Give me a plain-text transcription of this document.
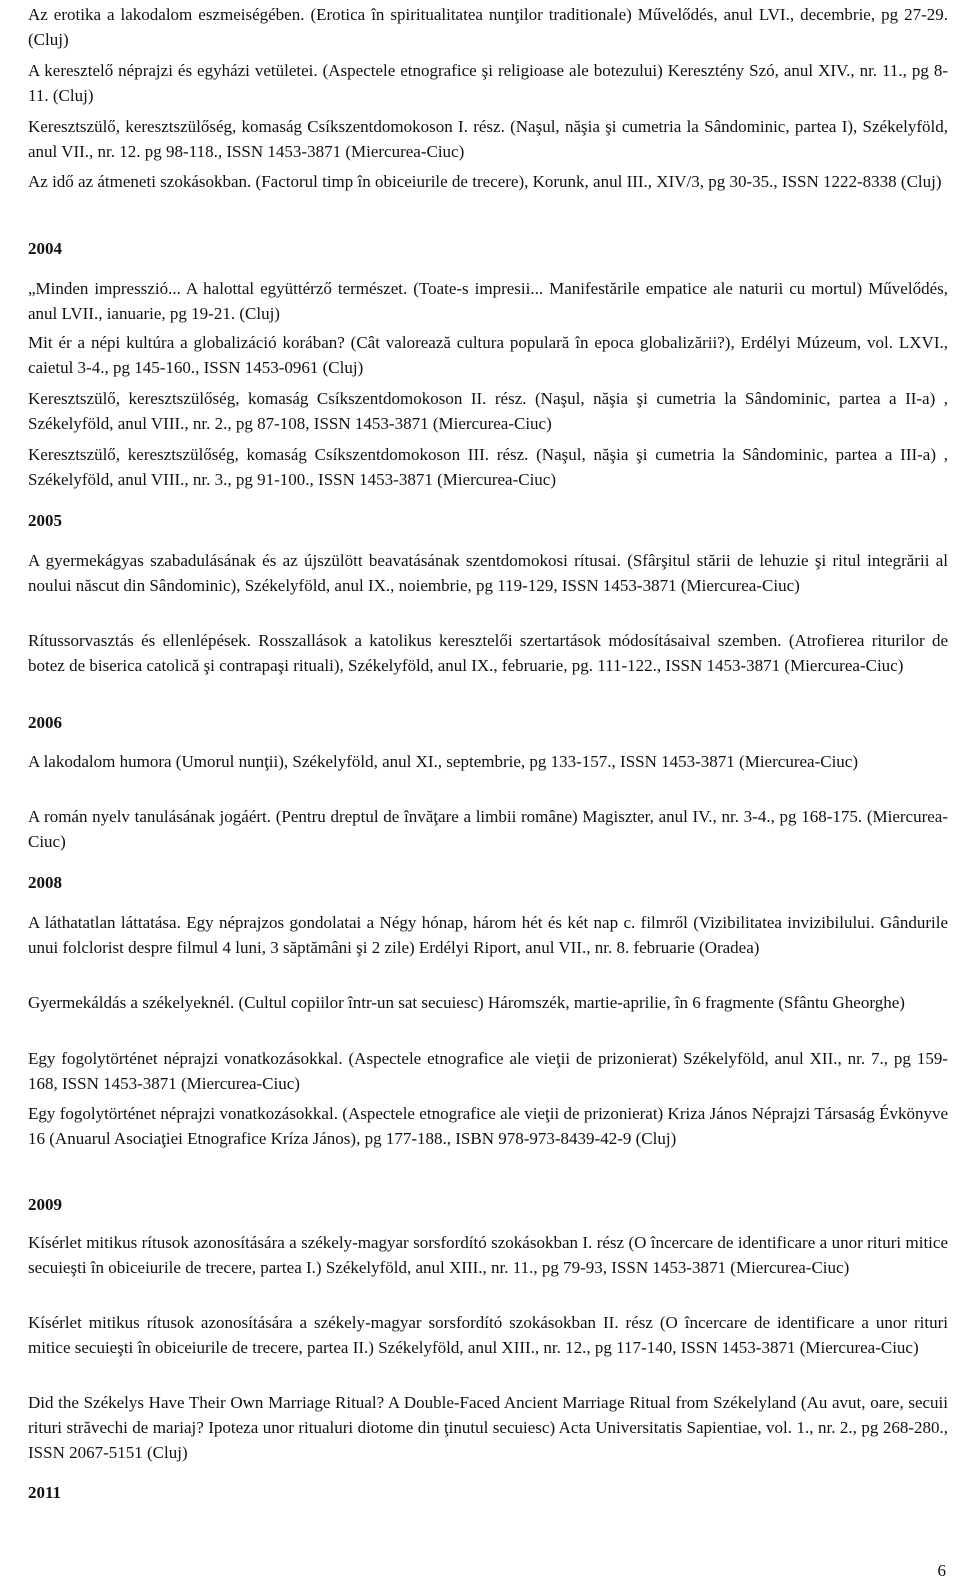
Az erotika a lakodalom eszmeiségében. (Erotica în spiritualitatea nunţilor traditionale) Művelődés, anul LVI., decembrie, pg 27-29. (Cluj)

A keresztelő néprajzi és egyházi vetületei. (Aspectele etnografice şi religioase ale botezului) Keresztény Szó, anul XIV., nr. 11., pg 8-11. (Cluj)

Keresztszülő, keresztszülőség, komaság Csíkszentdomokoson I. rész. (Naşul, năşia şi cumetria la Sândominic, partea I), Székelyföld, anul VII., nr. 12. pg 98-118., ISSN 1453-3871 (Miercurea-Ciuc)

Az idő az átmeneti szokásokban. (Factorul timp în obiceiurile de trecere), Korunk, anul III., XIV/3, pg 30-35., ISSN 1222-8338 (Cluj)

2004

„Minden impresszió... A halottal együttérző természet. (Toate-s impresii... Manifestările empatice ale naturii cu mortul) Művelődés, anul LVII., ianuarie, pg 19-21. (Cluj)

Mit ér a népi kultúra a globalizáció korában? (Cât valorează cultura populară în epoca globalizării?), Erdélyi Múzeum, vol. LXVI., caietul 3-4., pg 145-160., ISSN 1453-0961 (Cluj)

Keresztszülő, keresztszülőség, komaság Csíkszentdomokoson II. rész. (Naşul, năşia şi cumetria la Sândominic, partea a II-a) , Székelyföld, anul VIII., nr. 2., pg 87-108, ISSN 1453-3871 (Miercurea-Ciuc)

Keresztszülő, keresztszülőség, komaság Csíkszentdomokoson III. rész. (Naşul, năşia şi cumetria la Sândominic, partea a III-a) , Székelyföld, anul VIII., nr. 3., pg 91-100., ISSN 1453-3871 (Miercurea-Ciuc)

2005

A gyermekágyas szabadulásának és az újszülött beavatásának szentdomokosi rítusai. (Sfârşitul stării de lehuzie şi ritul integrării al noului născut din Sândominic), Székelyföld, anul IX., noiembrie, pg 119-129, ISSN 1453-3871 (Miercurea-Ciuc)

Rítussorvasztás és ellenlépések. Rosszallások a katolikus keresztelői szertartások módosításaival szemben. (Atrofierea riturilor de botez de biserica catolică şi contrapaşi rituali), Székelyföld, anul IX., februarie, pg. 111-122., ISSN 1453-3871 (Miercurea-Ciuc)

2006

A lakodalom humora (Umorul nunţii), Székelyföld, anul XI., septembrie, pg 133-157., ISSN 1453-3871 (Miercurea-Ciuc)

A román nyelv tanulásának jogáért. (Pentru dreptul de învăţare a limbii române) Magiszter, anul IV., nr. 3-4., pg 168-175. (Miercurea-Ciuc)

2008

A láthatatlan láttatása. Egy néprajzos gondolatai a Négy hónap, három hét és két nap c. filmről (Vizibilitatea invizibilului. Gândurile unui folclorist despre filmul 4 luni, 3 săptămâni şi 2 zile) Erdélyi Riport, anul VII., nr. 8. februarie (Oradea)

Gyermekáldás a székelyeknél. (Cultul copiilor într-un sat secuiesc) Háromszék, martie-aprilie, în 6 fragmente (Sfântu Gheorghe)

Egy fogolytörténet néprajzi vonatkozásokkal. (Aspectele etnografice ale vieţii de prizonierat) Székelyföld, anul XII., nr. 7., pg 159-168, ISSN 1453-3871 (Miercurea-Ciuc)

Egy fogolytörténet néprajzi vonatkozásokkal. (Aspectele etnografice ale vieţii de prizonierat) Kriza János Néprajzi Társaság Évkönyve 16 (Anuarul Asociaţiei Etnografice Kríza János), pg 177-188., ISBN 978-973-8439-42-9 (Cluj)

2009

Kísérlet mitikus rítusok azonosítására a székely-magyar sorsfordító szokásokban I. rész (O încercare de identificare a unor rituri mitice secuieşti în obiceiurile de trecere, partea I.) Székelyföld, anul XIII., nr. 11., pg 79-93, ISSN 1453-3871 (Miercurea-Ciuc)

Kísérlet mitikus rítusok azonosítására a székely-magyar sorsfordító szokásokban II. rész (O încercare de identificare a unor rituri mitice secuieşti în obiceiurile de trecere, partea II.) Székelyföld, anul XIII., nr. 12., pg 117-140, ISSN 1453-3871 (Miercurea-Ciuc)

Did the Székelys Have Their Own Marriage Ritual? A Double-Faced Ancient Marriage Ritual from Székelyland (Au avut, oare, secuii rituri străvechi de mariaj? Ipoteza unor ritualuri diotome din ţinutul secuiesc) Acta Universitatis Sapientiae, vol. 1., nr. 2., pg 268-280., ISSN 2067-5151 (Cluj)

2011

6
